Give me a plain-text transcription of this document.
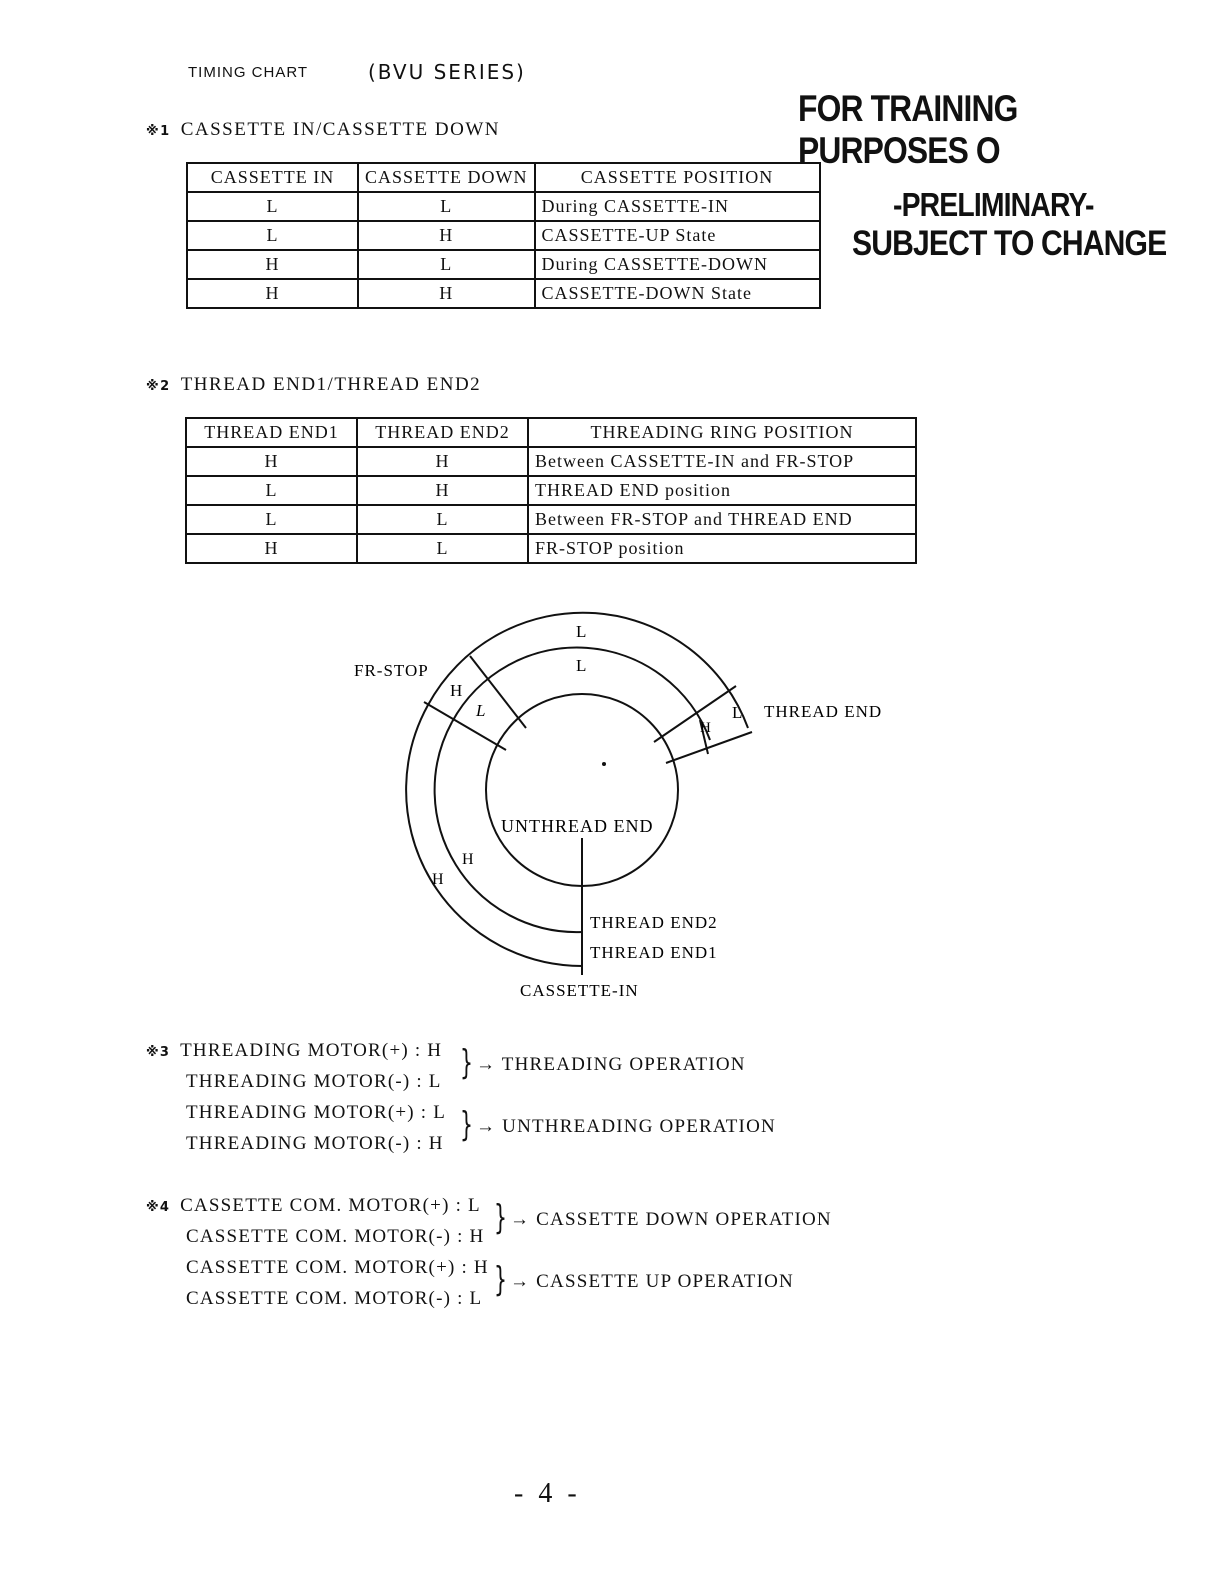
TIMING CHART	(BVU SERIES)
FOR TRAINING PURPOSES O
-PRELIMINARY-
SUBJECT TO CHANGE
※1 CASSETTE IN/CASSETTE DOWN
CASSETTE IN	CASSETTE DOWN	CASSETTE POSITION
L	L	During CASSETTE-IN
L	H	CASSETTE-UP State
H	L	During CASSETTE-DOWN
H	H	CASSETTE-DOWN State
※2 THREAD END1/THREAD END2
THREAD END1	THREAD END2	THREADING RING POSITION
H	H	Between CASSETTE-IN and FR-STOP
L	H	THREAD END position
L	L	Between FR-STOP and THREAD END
H	L	FR-STOP position
L
L
FR-STOP
H
L	L
H
THREAD END
UNTHREAD END
H
H
THREAD END2
THREAD END1
CASSETTE-IN
※3 THREADING MOTOR(+) : H
THREADING MOTOR(-) : L } → THREADING OPERATION
THREADING MOTOR(+) : L
THREADING MOTOR(-) : H } → UNTHREADING OPERATION
※4 CASSETTE COM. MOTOR(+) : L
CASSETTE COM. MOTOR(-) : H } → CASSETTE DOWN OPERATION
CASSETTE COM. MOTOR(+) : H
CASSETTE COM. MOTOR(-) : L } → CASSETTE UP OPERATION
- 4 -
